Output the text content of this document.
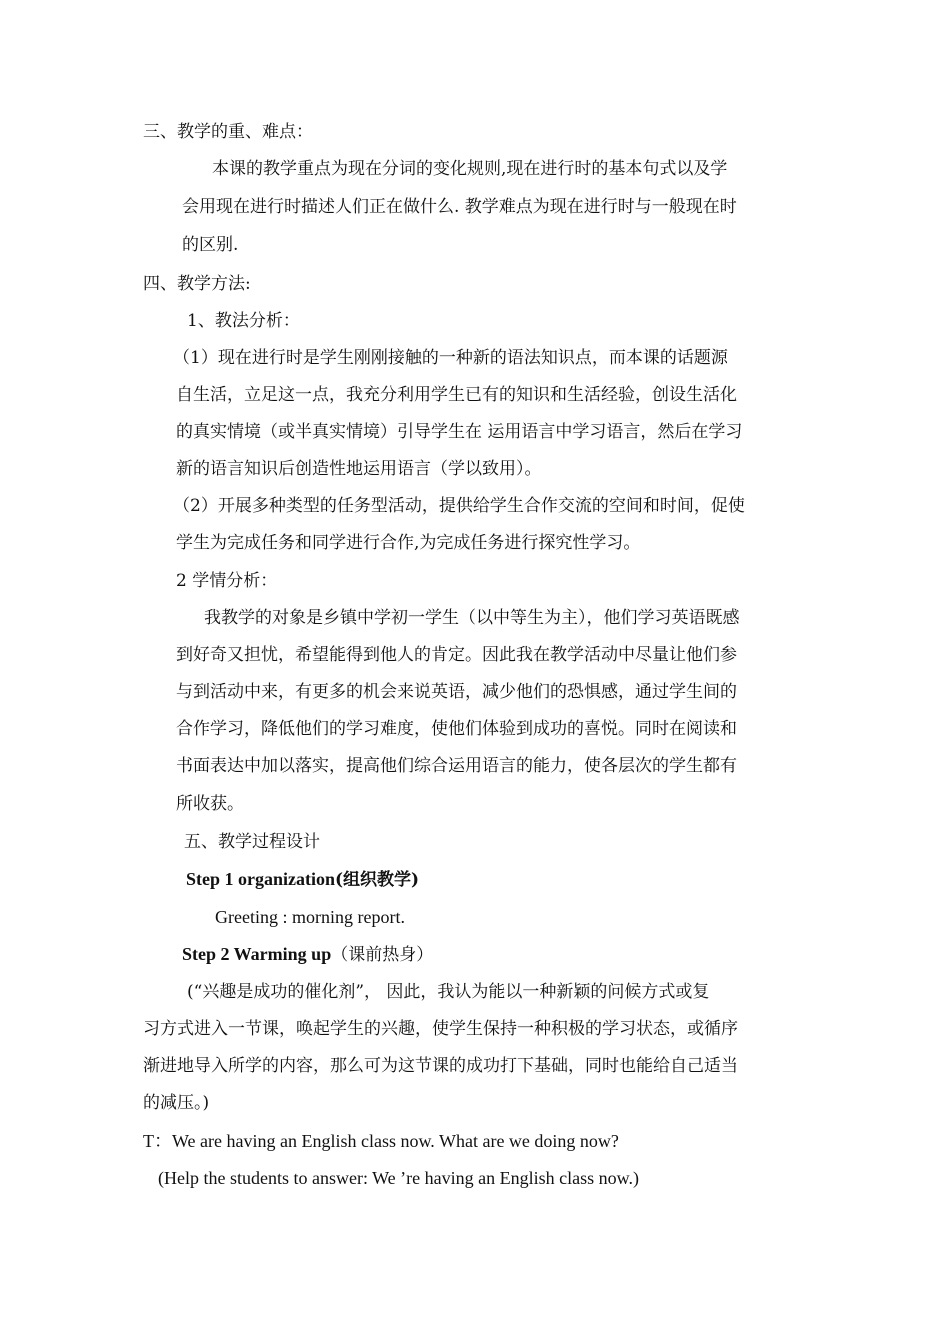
三、教学的重、难点：
本课的教学重点为现在分词的变化规则,现在进行时的基本句式以及学
会用现在进行时描述人们正在做什么. 教学难点为现在进行时与一般现在时
的区别.
四、教学方法:
1、教法分析：
（1）现在进行时是学生刚刚接触的一种新的语法知识点，而本课的话题源
自生活，立足这一点，我充分利用学生已有的知识和生活经验，创设生活化
的真实情境（或半真实情境）引导学生在 运用语言中学习语言，然后在学习
新的语言知识后创造性地运用语言（学以致用）。
（2）开展多种类型的任务型活动，提供给学生合作交流的空间和时间，促使
学生为完成任务和同学进行合作,为完成任务进行探究性学习。
2 学情分析：
我教学的对象是乡镇中学初一学生（以中等生为主），他们学习英语既感
到好奇又担忧，希望能得到他人的肯定。因此我在教学活动中尽量让他们参
与到活动中来，有更多的机会来说英语，减少他们的恐惧感，通过学生间的
合作学习，降低他们的学习难度，使他们体验到成功的喜悦。同时在阅读和
书面表达中加以落实，提高他们综合运用语言的能力，使各层次的学生都有
所收获。
五、教学过程设计
Step 1 organization(组织教学)
Greeting : morning report.
Step 2 Warming up（课前热身）
(“兴趣是成功的催化剂”， 因此，我认为能以一种新颖的问候方式或复
习方式进入一节课，唤起学生的兴趣，使学生保持一种积极的学习状态，或循序
渐进地导入所学的内容，那么可为这节课的成功打下基础，同时也能给自己适当
的减压。)
T：We are having an English class now. What are we doing now?
(Help the students to answer: We ’re having an English class now.)
